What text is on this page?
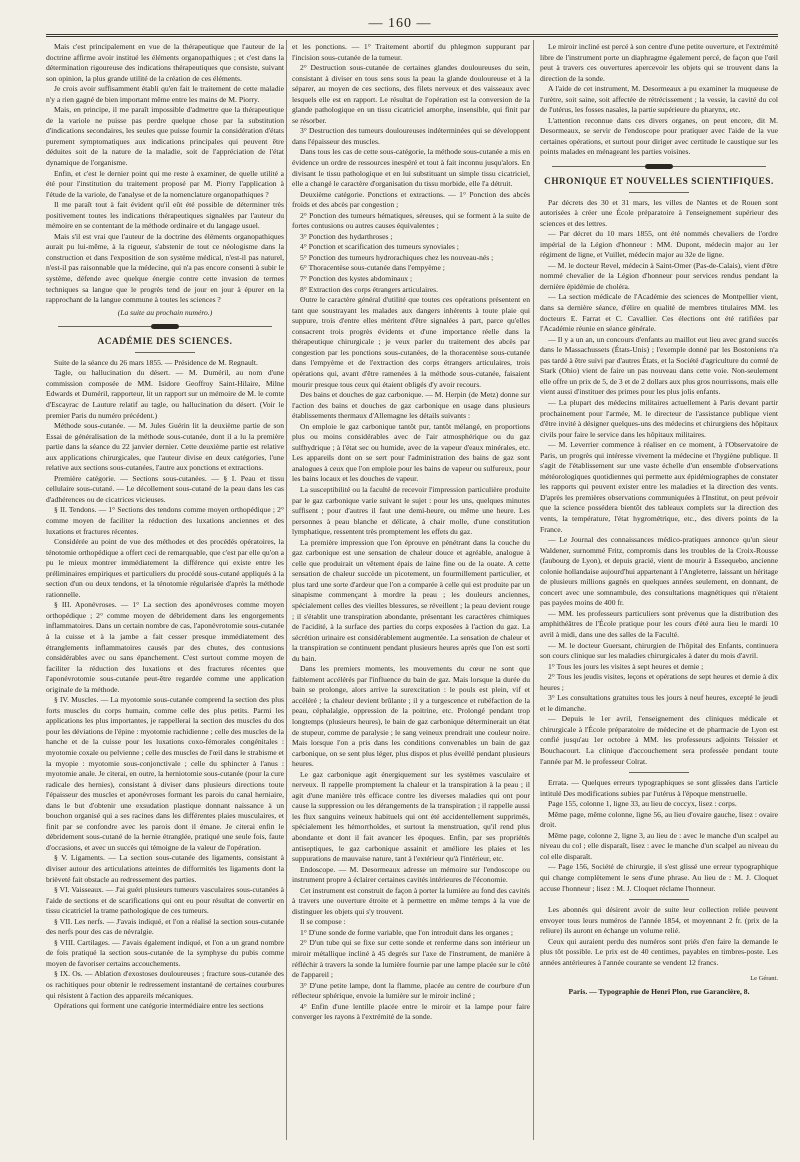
— 160 —

Mais c'est principalement en vue de la thérapeutique que l'auteur de la doctrine affirme avoir institué les éléments organopathiques ; et c'est dans la détermination rigoureuse des indications thérapeutiques que consiste, suivant son opinion, la plus grande utilité de la création de ces éléments.

Je crois avoir suffisamment établi qu'en fait le traitement de cette maladie n'y a rien gagné de bien important même entre les mains de M. Piorry.

Mais, en principe, il me paraît impossible d'admettre que la thérapeutique de la variole ne puisse pas perdre quelque chose par la substitution d'indications secondaires, les seules que puisse fournir la considération d'états purement symptomatiques aux indications principales qui peuvent être déduites soit de la nature de la maladie, soit de l'appréciation de l'état dynamique de l'organisme.

Enfin, et c'est le dernier point qui me reste à examiner, de quelle utilité a été pour l'institution du traitement proposé par M. Piorry l'application à l'étude de la variole, de l'analyse et de la nomenclature organopathiques ?

Il me paraît tout à fait évident qu'il eût été possible de déterminer très positivement toutes les indications thérapeutiques signalées par l'auteur du mémoire en se contentant de la méthode ordinaire et du langage usuel.

Mais s'il est vrai que l'auteur de la doctrine des éléments organopathiques aurait pu lui-même, à la rigueur, s'abstenir de tout ce néologisme dans la construction et dans l'exposition de son système médical, n'est-il pas naturel, n'est-il pas raisonnable que la médecine, qui n'a pas encore consenti à subir le système, défende avec quelque énergie contre cette invasion de termes techniques sa langue que le progrès tend de jour en jour à épurer en la rapprochant de la langue commune à toutes les sciences ?

(La suite au prochain numéro.)

ACADÉMIE DES SCIENCES.

Suite de la séance du 26 mars 1855. — Présidence de M. Regnault.

Tagle, ou hallucination du désert. — M. Duméril, au nom d'une commission composée de MM. Isidore Geoffroy Saint-Hilaire, Milne Edwards et Duméril, rapporteur, lit un rapport sur un mémoire de M. le comte d'Escayrac de Lauture relatif au tagle, ou hallucination du désert. (Voir le premier Paris du numéro précédent.)

Méthode sous-cutanée. — M. Jules Guérin lit la deuxième partie de son Essai de généralisation de la méthode sous-cutanée, dont il a lu la première partie dans la séance du 22 janvier dernier. Cette deuxième partie est relative aux applications chirurgicales, que l'auteur divise en deux catégories, l'une relative aux sections sous-cutanées, l'autre aux ponctions et extractions.

Première catégorie. — Sections sous-cutanées. — § I. Peau et tissu cellulaire sous-cutané. — Le décollement sous-cutané de la peau dans les cas d'adhérences ou de cicatrices vicieuses.

§ II. Tendons. — 1° Sections des tendons comme moyen orthopédique ; 2° comme moyen de faciliter la réduction des luxations anciennes et des luxations et fractures récentes.

Considérée au point de vue des méthodes et des procédés opératoires, la ténotomie orthopédique a offert ceci de remarquable, que c'est par elle qu'on a pu le mieux montrer immédiatement la différence qui existe entre les préliminaires empiriques et particuliers du procédé sous-cutané appliqués à la section d'un ou deux tendons, et la ténotomie régularisée d'après la méthode rationnelle.

§ III. Aponévroses. — 1° La section des aponévroses comme moyen orthopédique ; 2° comme moyen de débridement dans les engorgements inflammatoires. Dans un certain nombre de cas, l'aponévrotomie sous-cutanée à la cuisse et à la jambe a fait cesser presque immédiatement des étranglements inflammatoires causés par des chutes, des contusions considérables avec ou sans épanchement. C'est surtout comme moyen de faciliter la réduction des luxations et des fractures récentes que l'aponévrotomie sous-cutanée peut-être regardée comme une application originale de la méthode.

§ IV. Muscles. — La myotomie sous-cutanée comprend la section des plus forts muscles du corps humain, comme celle des plus petits. Parmi les applications les plus importantes, je rappellerai la section des muscles du dos pour les déviations de l'épine : myotomie rachidienne ; celle des muscles de la hanche et de la cuisse pour les luxations coxo-fémorales congénitales : myotomie coxale ou pelvienne ; celle des muscles de l'œil dans le strabisme et la myopie : myotomie sous-conjonctivale ; celle du sphincter à l'anus : myotomie anale. Je citerai, en outre, la herniotomie sous-cutanée (pour la cure radicale des hernies), consistant à diviser dans plusieurs directions toute l'épaisseur des muscles et aponévroses formant les parois du canal herniaire, dans le but d'obtenir une exsudation plastique donnant naissance à un bouchon organisé qui a ses racines dans les différentes plaies musculaires, et finit par se confondre avec les parois dont il émane. Je citerai enfin le débridement sous-cutané de la hernie étranglée, pratiqué une seule fois, faute d'occasions, et avec un succès qui témoigne de la valeur de l'opération.

§ V. Ligaments. — La section sous-cutanée des ligaments, consistant à diviser autour des articulations atteintes de difformités les ligaments dont la brièveté fait obstacle au redressement des parties.

§ VI. Vaisseaux. — J'ai guéri plusieurs tumeurs vasculaires sous-cutanées à l'aide de sections et de scarifications qui ont eu pour résultat de convertir en tissu cicatriciel la trame pathologique de ces tumeurs.

§ VII. Les nerfs. — J'avais indiqué, et l'on a réalisé la section sous-cutanée des nerfs pour des cas de névralgie.

§ VIII. Cartilages. — J'avais également indiqué, et l'on a un grand nombre de fois pratiqué la section sous-cutanée de la symphyse du pubis comme moyen de favoriser certains accouchements.

§ IX. Os. — Ablation d'exostoses douloureuses ; fracture sous-cutanée des os rachitiques pour obtenir le redressement instantané de certaines courbures qui résistent à l'action des appareils mécaniques.

Opérations qui forment une catégorie intermédiaire entre les sections

et les ponctions. — 1° Traitement abortif du phlegmon suppurant par l'incision sous-cutanée de la tumeur.

2° Destruction sous-cutanée de certaines glandes douloureuses du sein, consistant à diviser en tous sens sous la peau la glande douloureuse et à la séparer, au moyen de ces sections, des filets nerveux et des vaisseaux avec lesquels elle est en rapport. Le résultat de l'opération est la conversion de la glande pathologique en un tissu cicatriciel amorphe, insensible, qui finit par se résorber.

3° Destruction des tumeurs douloureuses indéterminées qui se développent dans l'épaisseur des muscles.

Dans tous les cas de cette sous-catégorie, la méthode sous-cutanée a mis en évidence un ordre de ressources inespéré et tout à fait inconnu jusqu'alors. En divisant le tissu pathologique et en lui substituant un simple tissu cicatriciel, elle a changé le caractère d'organisation du tissu morbide, elle l'a détruit.

Deuxième catégorie. Ponctions et extractions. — 1° Ponction des abcès froids et des abcès par congestion ;

2° Ponction des tumeurs hématiques, séreuses, qui se forment à la suite de fortes contusions ou autres causes équivalentes ;

3° Ponction des hydarthroses ;

4° Ponction et scarification des tumeurs synoviales ;

5° Ponction des tumeurs hydrorachiques chez les nouveau-nés ;

6° Thoracentèse sous-cutanée dans l'empyème ;

7° Ponction des kystes abdominaux ;

8° Extraction des corps étrangers articulaires.

Outre le caractère général d'utilité que toutes ces opérations présentent en tant que soustrayant les malades aux dangers inhérents à toute plaie qui suppure, trois d'entre elles méritent d'être signalées à part, parce qu'elles consacrent trois progrès évidents et d'une importance réelle dans la thérapeutique chirurgicale ; je veux parler du traitement des abcès par congestion par les ponctions sous-cutanées, de la thoracentèse sous-cutanée dans l'empyème et de l'extraction des corps étrangers articulaires, trois opérations qui, avant d'être ramenées à la méthode sous-cutanée, faisaient mourir presque tous ceux qui étaient obligés d'y avoir recours.

Des bains et douches de gaz carbonique. — M. Herpin (de Metz) donne sur l'action des bains et douches de gaz carbonique en usage dans plusieurs établissements thermaux d'Allemagne les détails suivants :

On emploie le gaz carbonique tantôt pur, tantôt mélangé, en proportions plus ou moins considérables avec de l'air atmosphérique ou du gaz sulfhydrique ; à l'état sec ou humide, avec de la vapeur d'eaux minérales, etc. Les appareils dont on se sert pour l'administration des bains de gaz sont analogues à ceux que l'on emploie pour les bains de vapeur ou sulfureux, pour les bains locaux et les douches de vapeur.

La susceptibilité ou la faculté de recevoir l'impression particulière produite par le gaz carbonique varie suivant le sujet : pour les uns, quelques minutes suffisent ; pour d'autres il faut une demi-heure, ou même une heure. Les personnes à peau blanche et délicate, à chair molle, d'une constitution lymphatique, ressentent très promptement les effets du gaz.

La première impression que l'on éprouve en pénétrant dans la couche du gaz carbonique est une sensation de chaleur douce et agréable, analogue à celle que produirait un vêtement épais de laine fine ou de la ouate. A cette sensation de chaleur succède un picotement, un fourmillement particulier, et plus tard une sorte d'ardeur que l'on a comparée à celle qui est produite par un sinapisme commençant à mordre la peau ; les douleurs anciennes, spécialement celles des vieilles blessures, se réveillent ; la peau devient rouge ; il s'établit une transpiration abondante, présentant les caractères chimiques de l'acidité, à la surface des parties du corps exposées à l'action du gaz. La sécrétion urinaire est considérablement augmentée. La sensation de chaleur et la transpiration se continuent pendant plusieurs heures après que l'on est sorti du bain.

Dans les premiers moments, les mouvements du cœur ne sont que faiblement accélérés par l'influence du bain de gaz. Mais lorsque la durée du bain se prolonge, alors arrive la surexcitation : le pouls est plein, vif et accéléré ; la chaleur devient brûlante ; il y a turgescence et rubéfaction de la peau, céphalalgie, oppression de la poitrine, etc. Prolongé pendant trop longtemps (plusieurs heures), le bain de gaz carbonique déterminerait un état de stupeur, comme de paralysie ; le sang veineux prendrait une couleur noire. Mais lorsque l'on a pris dans les conditions convenables un bain de gaz carbonique, on se sent plus léger, plus dispos et plus éveillé pendant plusieurs heures.

Le gaz carbonique agit énergiquement sur les systèmes vasculaire et nerveux. Il rappelle promptement la chaleur et la transpiration à la peau ; il agit d'une manière très efficace contre les diverses maladies qui ont pour cause la suppression ou les dérangements de la transpiration ; il rappelle aussi les flux sanguins veineux habituels qui ont été accidentellement supprimés, spécialement les hémorrhoïdes, et surtout la menstruation, qu'il rend plus abondante et dont il fait avancer les époques. Enfin, par ses propriétés antiseptiques, le gaz carbonique assainit et améliore les plaies et les suppurations de mauvaise nature, tant à l'extérieur qu'à l'intérieur, etc.

Endoscope. — M. Desormeaux adresse un mémoire sur l'endoscope ou instrument propre à éclairer certaines cavités intérieures de l'économie.

Cet instrument est construit de façon à porter la lumière au fond des cavités à travers une ouverture étroite et à permettre en même temps à la vue de distinguer les objets qui s'y trouvent.

Il se compose :

1° D'une sonde de forme variable, que l'on introduit dans les organes ;

2° D'un tube qui se fixe sur cette sonde et renferme dans son intérieur un miroir métallique incliné à 45 degrés sur l'axe de l'instrument, de manière à réfléchir à travers la sonde la lumière fournie par une lampe placée sur le côté de l'appareil ;

3° D'une petite lampe, dont la flamme, placée au centre de courbure d'un réflecteur sphérique, envoie la lumière sur le miroir incliné ;

4° Enfin d'une lentille placée entre le miroir et la lampe pour faire converger les rayons à l'extrémité de la sonde.

Le miroir incliné est percé à son centre d'une petite ouverture, et l'extrémité libre de l'instrument porte un diaphragme également percé, de façon que l'œil peut à travers ces ouvertures apercevoir les objets qui se trouvent dans la direction de la sonde.

A l'aide de cet instrument, M. Desormeaux a pu examiner la muqueuse de l'urètre, soit saine, soit affectée de rétrécissement ; la vessie, la cavité du col de l'utérus, les fosses nasales, la partie supérieure du pharynx, etc.

L'attention reconnue dans ces divers organes, on peut encore, dit M. Desormeaux, se servir de l'endoscope pour pratiquer avec l'aide de la vue certaines opérations, et surtout pour diriger avec certitude le caustique sur les points malades en ménageant les parties voisines.

CHRONIQUE ET NOUVELLES SCIENTIFIQUES.

Par décrets des 30 et 31 mars, les villes de Nantes et de Rouen sont autorisées à créer une École préparatoire à l'enseignement supérieur des sciences et des lettres.

— Par décret du 10 mars 1855, ont été nommés chevaliers de l'ordre impérial de la Légion d'honneur : MM. Dupont, médecin major au 1er régiment de ligne, et Vuillet, médecin major au 32e de ligne.

— M. le docteur Revel, médecin à Saint-Omer (Pas-de-Calais), vient d'être nommé chevalier de la Légion d'honneur pour services rendus pendant la dernière épidémie de choléra.

— La section médicale de l'Académie des sciences de Montpellier vient, dans sa dernière séance, d'élire en qualité de membres titulaires MM. les docteurs E. Farrat et C. Cavallier. Ces élections ont été ratifiées par l'Académie réunie en séance générale.

— Il y a un an, un concours d'enfants au maillot eut lieu avec grand succès dans le Massachussets (États-Unis) ; l'exemple donné par les Bostoniens n'a pas tardé à être suivi par d'autres États, et la Société d'agriculture du comté de Stark (Ohio) vient de faire un pas nouveau dans cette voie. Non-seulement elle offre un prix de 5, de 3 et de 2 dollars aux plus gros nourrissons, mais elle vient aussi d'instituer des primes pour les plus jolis enfants.

— La plupart des médecins militaires actuellement à Paris devant partir prochainement pour l'armée, M. le directeur de l'assistance publique vient d'être invité à désigner quelques-uns des médecins et chirurgiens des hôpitaux civils pour faire le service dans les hôpitaux militaires.

— M. Leverrier commence à réaliser en ce moment, à l'Observatoire de Paris, un progrès qui intéresse vivement la médecine et l'hygiène publique. Il s'agit de l'établissement sur une vaste échelle d'un ensemble d'observations météorologiques quotidiennes qui permette aux épidémiographes de constater les rapports qui peuvent exister entre les maladies et la direction des vents. D'après les premières observations communiquées à l'Institut, on peut prévoir que la science possédera bientôt des tableaux complets sur la direction des vents, la température, l'état hygrométrique, etc., des divers points de la France.

— Le Journal des connaissances médico-pratiques annonce qu'un sieur Waldener, surnommé Fritz, compromis dans les troubles de la Croix-Rousse (faubourg de Lyon), et depuis gracié, vient de mourir à Essequebo, ancienne colonie hollandaise aujourd'hui appartenant à l'Angleterre, laissant un héritage de plusieurs millions gagnés en quelques années seulement, en donnant, de concert avec une somnambule, des consultations magnétiques qui n'étaient pas payées moins de 400 fr.

— MM. les professeurs particuliers sont prévenus que la distribution des amphithéâtres de l'École pratique pour les cours d'été aura lieu le mardi 10 avril à midi, dans une des salles de la Faculté.

— M. le docteur Guersant, chirurgien de l'hôpital des Enfants, continuera son cours clinique sur les maladies chirurgicales à dater du mois d'avril.

1° Tous les jours les visites à sept heures et demie ;

2° Tous les jeudis visites, leçons et opérations de sept heures et demie à dix heures ;

3° Les consultations gratuites tous les jours à neuf heures, excepté le jeudi et le dimanche.

— Depuis le 1er avril, l'enseignement des cliniques médicale et chirurgicale à l'École préparatoire de médecine et de pharmacie de Lyon est confié jusqu'au 1er octobre à MM. les professeurs adjoints Teissier et Bouchacourt. La clinique d'accouchement sera professée pendant toute l'année par M. le professeur Colrat.

Errata. — Quelques erreurs typographiques se sont glissées dans l'article intitulé Des modifications subies par l'utérus à l'époque menstruelle.

Page 155, colonne 1, ligne 33, au lieu de coccyx, lisez : corps.

Même page, même colonne, ligne 56, au lieu d'ovaire gauche, lisez : ovaire droit.

Même page, colonne 2, ligne 3, au lieu de : avec le manche d'un scalpel au niveau du col ; elle disparaît, lisez : avec le manche d'un scalpel au niveau du col elle disparaît.

— Page 156, Société de chirurgie, il s'est glissé une erreur typographique qui change complètement le sens d'une phrase. Au lieu de : M. J. Cloquet accuse l'honneur ; lisez : M. J. Cloquet réclame l'honneur.

Les abonnés qui désirent avoir de suite leur collection reliée peuvent envoyer tous leurs numéros de l'année 1854, et moyennant 2 fr. (prix de la reliure) ils auront en échange un volume relié.

Ceux qui auraient perdu des numéros sont priés d'en faire la demande le plus tôt possible. Le prix est de 40 centimes, payables en timbres-poste. Les années antérieures à l'année courante se vendent 12 francs.

Le Gérant.
Paris. — Typographie de Henri Plon, rue Garancière, 8.
